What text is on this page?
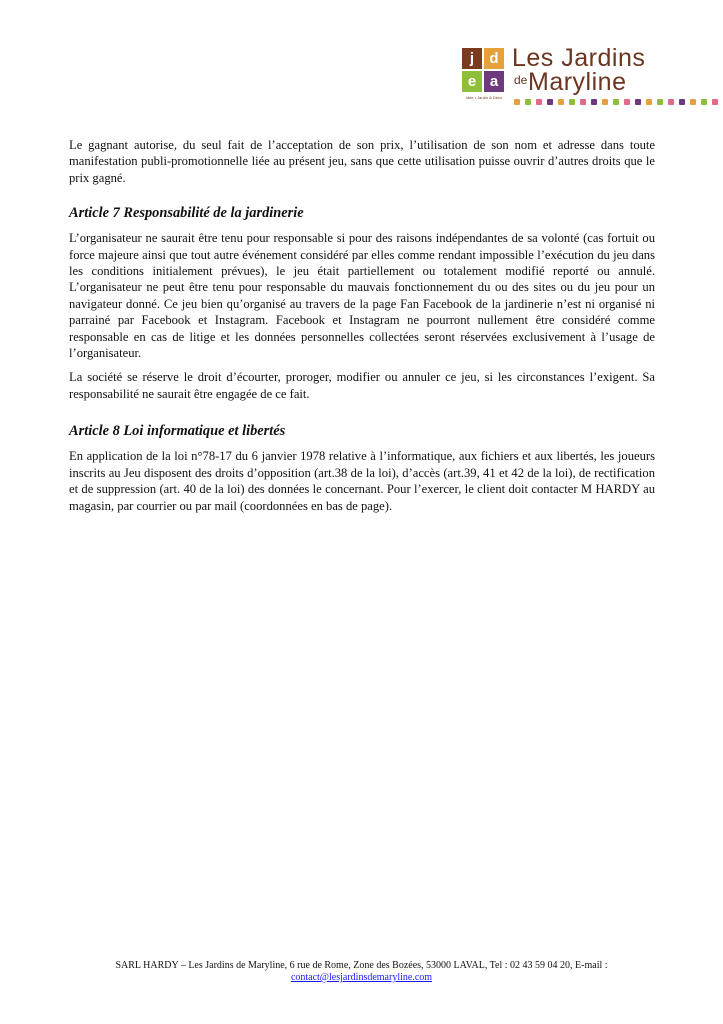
j	d
e a
Idée • Jardin & Déco
Les Jardins
de Maryline

Le gagnant autorise, du seul fait de l’acceptation de son prix, l’utilisation de son nom et adresse dans toute manifestation publi-promotionnelle liée au présent jeu, sans que cette utilisation puisse ouvrir d’autres droits que le prix gagné.

Article 7 Responsabilité de la jardinerie

L’organisateur ne saurait être tenu pour responsable si pour des raisons indépendantes de sa volonté (cas fortuit ou force majeure ainsi que tout autre événement considéré par elles comme rendant impossible l’exécution du jeu dans les conditions initialement prévues), le jeu était partiellement ou totalement modifié reporté ou annulé. L’organisateur ne peut être tenu pour responsable du mauvais fonctionnement du ou des sites ou du jeu pour un navigateur donné. Ce jeu bien qu’organisé au travers de la page Fan Facebook de la jardinerie n’est ni organisé ni parrainé par Facebook et Instagram. Facebook et Instagram ne pourront nullement être considéré comme responsable en cas de litige et les données personnelles collectées seront réservées exclusivement à l’usage de l’organisateur.

La société se réserve le droit d’écourter, proroger, modifier ou annuler ce jeu, si les circonstances l’exigent. Sa responsabilité ne saurait être engagée de ce fait.

Article 8 Loi informatique et libertés

En application de la loi n°78-17 du 6 janvier 1978 relative à l’informatique, aux fichiers et aux libertés, les joueurs inscrits au Jeu disposent des droits d’opposition (art.38 de la loi), d’accès (art.39, 41 et 42 de la loi), de rectification et de suppression (art. 40 de la loi) des données le concernant. Pour l’exercer, le client doit contacter M HARDY au magasin, par courrier ou par mail (coordonnées en bas de page).

SARL HARDY – Les Jardins de Maryline, 6 rue de Rome, Zone des Bozées, 53000 LAVAL, Tel : 02 43 59 04 20, E-mail :
contact@lesjardinsdemaryline.com
